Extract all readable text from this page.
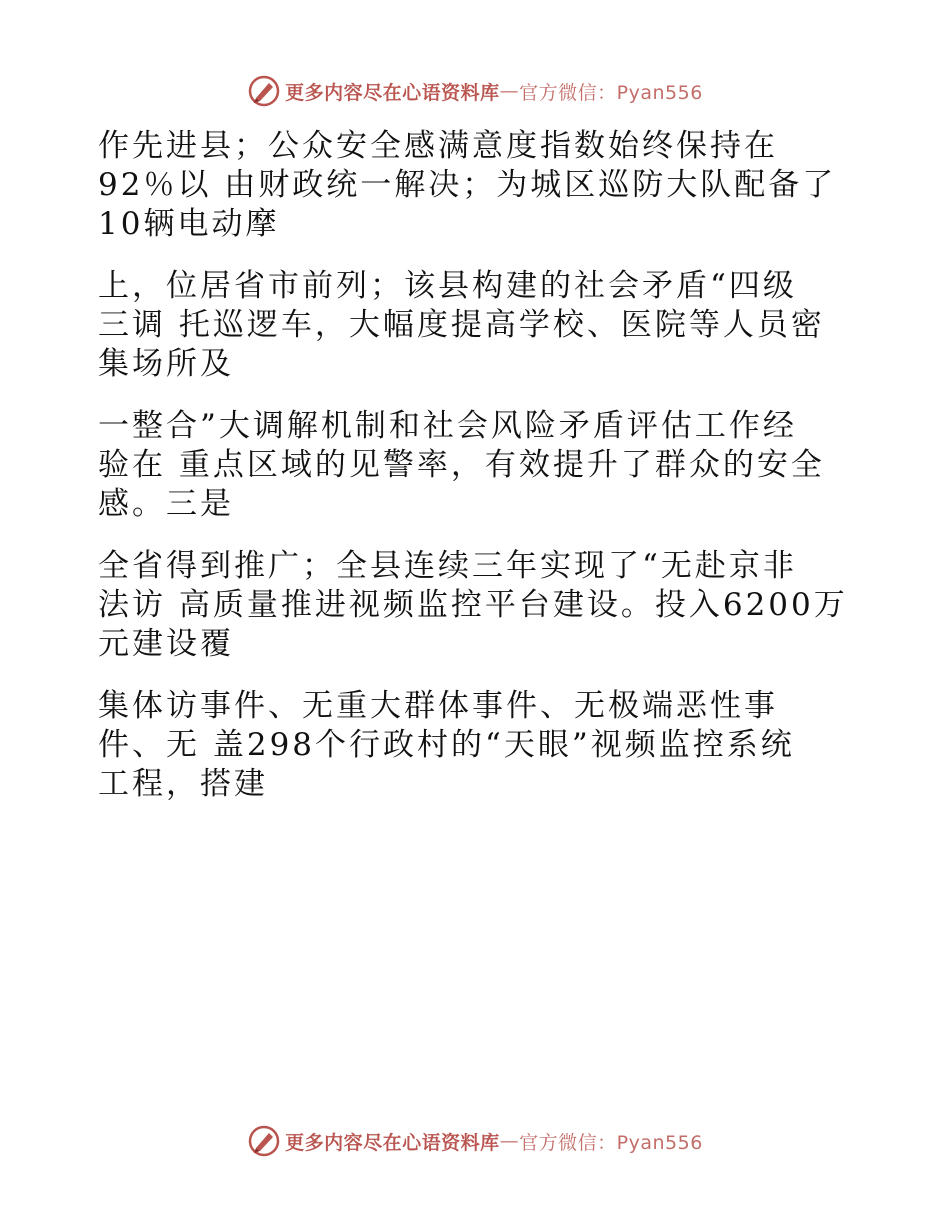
更多内容尽在心语资料库 — 官方微信：Pyan556

作先进县；公众安全感满意度指数始终保持在
92％以 由财政统一解决；为城区巡防大队配备了
10辆电动摩

上，位居省市前列；该县构建的社会矛盾“四级
三调 托巡逻车，大幅度提高学校、医院等人员密
集场所及

一整合”大调解机制和社会风险矛盾评估工作经
验在 重点区域的见警率，有效提升了群众的安全
感。三是

全省得到推广；全县连续三年实现了“无赴京非
法访 高质量推进视频监控平台建设。投入6200万
元建设覆

集体访事件、无重大群体事件、无极端恶性事
件、无 盖298个行政村的“天眼”视频监控系统
工程，搭建

更多内容尽在心语资料库 — 官方微信：Pyan556
